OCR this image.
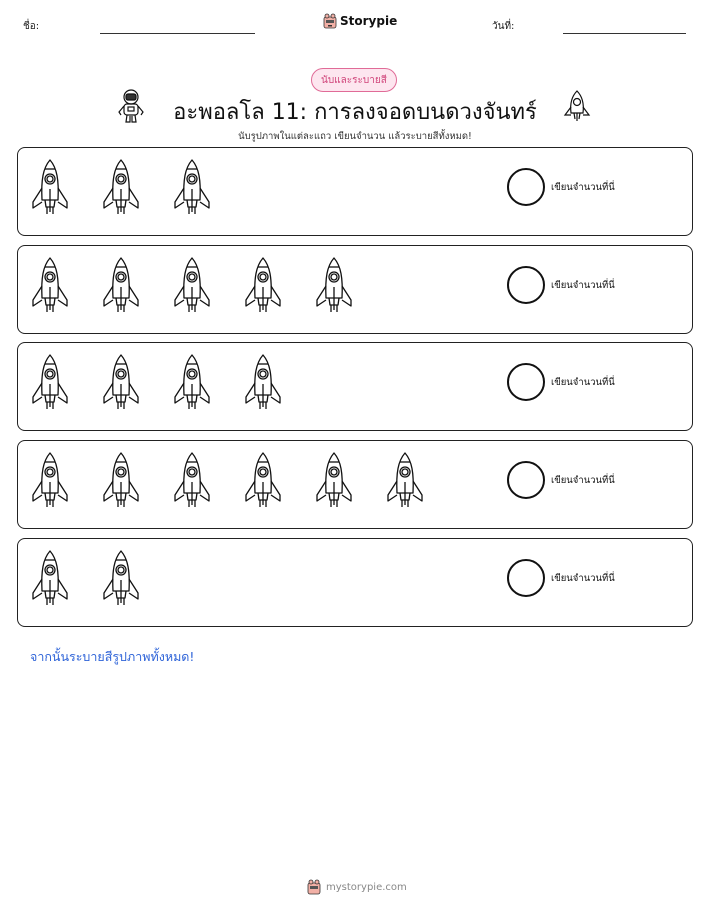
ชื่อ:	Storypie	วันที่:
นับและระบายสี
อะพอลโล 11: การลงจอดบนดวงจันทร์
นับรูปภาพในแต่ละแถว เขียนจำนวน แล้วระบายสีทั้งหมด!
เขียนจำนวนที่นี่
เขียนจำนวนที่นี่
เขียนจำนวนที่นี่
เขียนจำนวนที่นี่
เขียนจำนวนที่นี่
จากนั้นระบายสีรูปภาพทั้งหมด!
mystorypie.com
